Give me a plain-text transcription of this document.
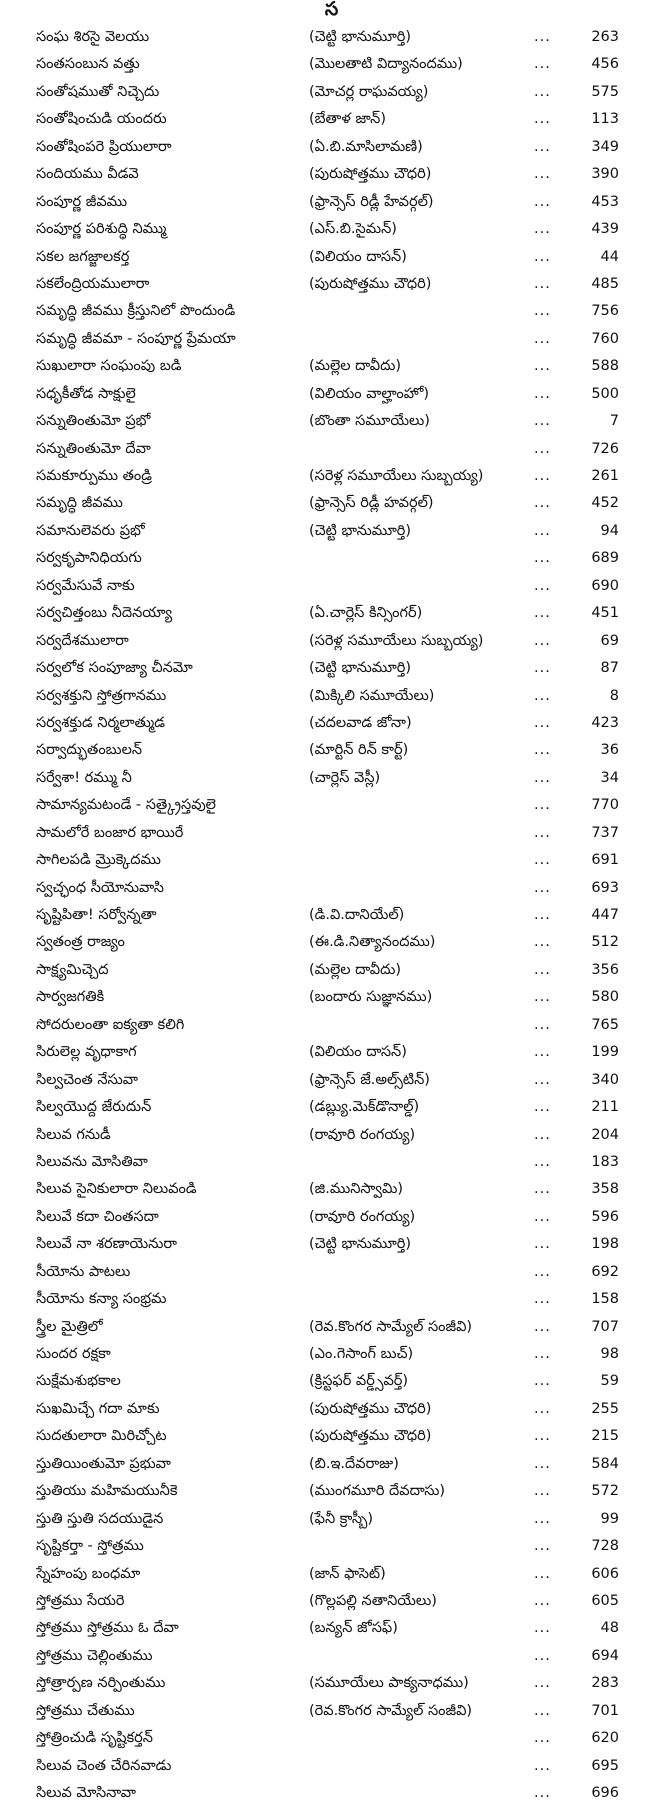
స
సంఘ శిరసై వెలయు	(చెట్టి భానుమూర్తి)	...	263
సంతసంబున వత్తు	(మొలతాటి విద్యానందము)	...	456
సంతోషముతో నిచ్చెదు	(మోచర్ల రాఘవయ్య)	...	575
సంతోషించుడి యందరు	(బేతాళ జాన్)	...	113
సంతోషింపరె ప్రియులారా	(ఏ.బి.మాసిలామణి)	...	349
సందియము వీడవె	(పురుషోత్తము చౌధరి)	...	390
సంపూర్ణ జీవము	(ఫ్రాన్సెస్ రిడ్లీ హేవర్గల్)	...	453
సంపూర్ణ పరిశుద్ధి నిమ్ము	(ఎస్.బి.సైమన్)	...	439
సకల జగజ్జాలకర్త	(విలియం దాసన్)	...	44
సకలేంద్రియములారా	(పురుషోత్తము చౌధరి)	...	485
సమృద్ధి జీవము క్రీస్తునిలో పొందుండి	...	756
సమృద్ధి జీవమా - సంపూర్ణ ప్రేమయా	...	760
సుఖులారా సంఘంపు బడి	(మల్లెల దావీదు)	...	588
సధృకీతోడ సాక్షులై	(విలియం వాల్హాంహో)	...	500
సన్నుతింతుమో ప్రభో	(బొంతా సమూయేలు)	...	7
సన్నుతింతుమో దేవా	...	726
సమకూర్పుము తండ్రి	(సరెళ్ల సమూయేలు సుబ్బయ్య)	...	261
సమృద్ధి జీవము	(ఫ్రాన్సెస్ రిడ్లీ హవర్గల్)	...	452
సమానులెవరు ప్రభో	(చెట్టి భానుమూర్తి)	...	94
సర్వకృపానిధియగు	...	689
సర్వమేసువే నాకు	...	690
సర్వచిత్తంబు నీదెనయ్యా	(ఏ.చార్లెస్ కిన్సింగర్)	...	451
సర్వదేశములారా	(సరెళ్ల సమూయేలు సుబ్బయ్య)	...	69
సర్వలోక సంపూజ్యా చీనమో	(చెట్టి భానుమూర్తి)	...	87
సర్వశక్తుని స్తోత్రగానము	(మిక్కిలి సమూయేలు)	...	8
సర్వశక్తుడ నిర్మలాత్ముడ	(చదలవాడ జోనా)	...	423
సర్వాద్భుతంబులన్	(మార్టిన్ రిన్ కార్ట్)	...	36
సర్వేశా! రమ్ము నీ	(చార్లెస్ వెస్లీ)	...	34
సామాన్యమటండే - సత్క్రైస్తవులై	...	770
సామలోరే బంజార భాయిరే	...	737
సాగిలపడి మ్రొక్కెదము	...	691
స్వచ్ఛంధ సీయోనువాసి	...	693
సృష్టిపితా! సర్వోన్నతా	(డి.వి.దానియేల్)	...	447
స్వతంత్ర రాజ్యం	(ఈ.డి.నిత్యానందము)	...	512
సాక్ష్యమిచ్చెద	(మల్లెల దావీదు)	...	356
సార్వజగతికి	(బందారు సుజ్ఞానము)	...	580
సోదరులంతా ఐక్యతా కలిగి	...	765
సిరులెల్ల వృధాకాగ	(విలియం దాసన్)	...	199
సిల్వచెంత నేసువా	(ఫ్రాన్సెస్ జే.అల్స్‌టిన్)	...	340
సిల్వయొద్ద జేరుదున్	(డబ్ల్యు.మెక్‌డొనాల్డ్)	...	211
సిలువ గనుడీ	(రావూరి రంగయ్య)	...	204
సిలువను మోసితివా	...	183
సిలువ సైనికులారా నిలువండి	(జి.మునిస్వామి)	...	358
సిలువే కదా చింతసదా	(రావూరి రంగయ్య)	...	596
సిలువే నా శరణాయెనురా	(చెట్టి భానుమూర్తి)	...	198
సీయోను పాటలు	...	692
సీయోను కన్యా సంభ్రమ	...	158
స్త్రీల మైత్రిలో	(రెవ.కొంగర సామ్యేల్ సంజీవి)	...	707
సుందర రక్షకా	(ఎం.గెసాంగ్ బుచ్)	...	98
సుక్షేమశుభకాల	(క్రిస్టఫర్ వర్డ్స్‌వర్త్)	...	59
సుఖమిచ్చే గదా మాకు	(పురుషోత్తము చౌధరి)	...	255
సుదతులారా మిరిచ్చోట	(పురుషోత్తము చౌధరి)	...	215
స్తుతియింతుమో ప్రభువా	(బి.ఇ.దేవరాజు)	...	584
స్తుతియు మహిమయునీకె	(ముంగమూరి దేవదాసు)	...	572
స్తుతి స్తుతి సదయుడైన	(ఫేనీ క్రాస్బీ)	...	99
సృష్టికర్తా - స్తోత్రము	...	728
స్నేహంపు బంధమా	(జాన్ ఫాసెట్)	...	606
స్తోత్రము సేయరె	(గొల్లపల్లి నతానియేలు)	...	605
స్తోత్రము స్తోత్రము ఓ దేవా	(బన్యన్ జోసఫ్)	...	48
స్తోత్రము చెల్లింతుము	...	694
స్తోత్రార్పణ నర్పింతుము	(సమూయేలు పాక్యనాధము)	...	283
స్తోత్రము చేతుము	(రెవ.కొంగర సామ్యేల్ సంజీవి)	...	701
స్తోత్రించుడి సృష్టికర్తన్	...	620
సిలువ చెంత చేరినవాడు	...	695
సిలువ మోసినావా	...	696
